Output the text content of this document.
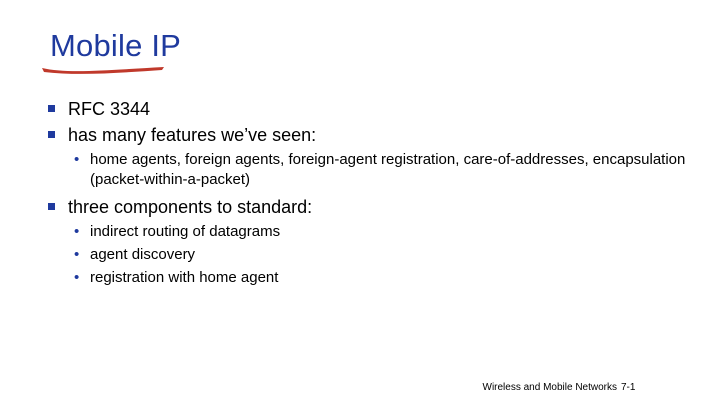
Mobile IP
RFC 3344
has many features we’ve seen:
• home agents, foreign agents, foreign-agent registration, care-of-addresses, encapsulation (packet-within-a-packet)
three components to standard:
• indirect routing of datagrams
• agent discovery
• registration with home agent
Wireless and Mobile Networks 7-1
